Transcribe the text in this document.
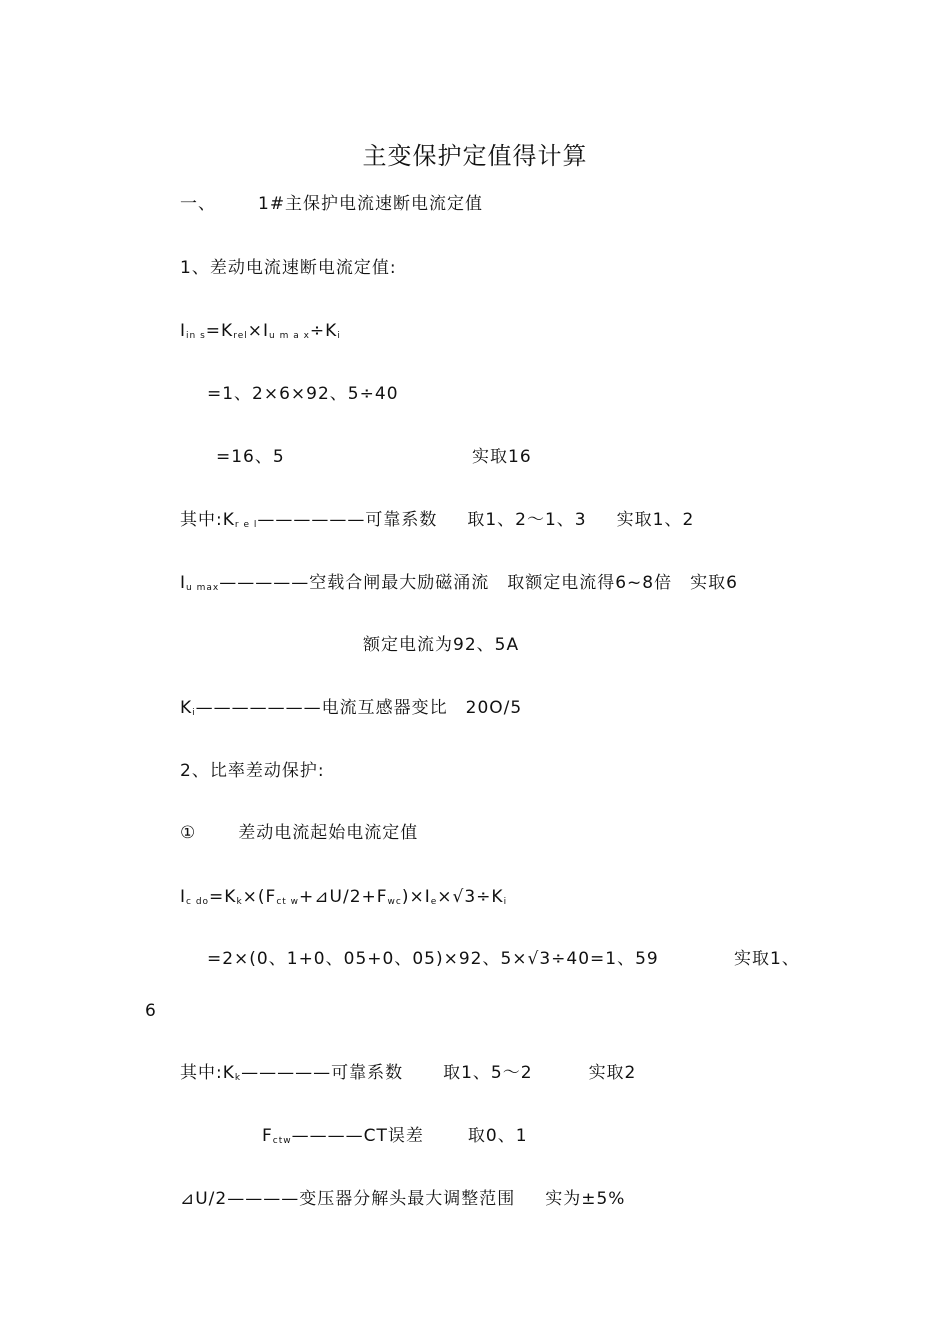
主变保护定值得计算
一、 1#主保护电流速断电流定值
1、差动电流速断电流定值:
$I_{in s}=K_{rel}\times I_{u m a x}\div K_i$
=1、2×6×92、5÷40
=16、5	实取16
其中$:K_{r e l}——————$可靠系数 取1、2～1、3 实取1、2
$I_{u max}—————$空载合闸最大励磁涌流 取额定电流得6~8倍 实取6
额定电流为92、5A
$K_i———————$电流互感器变比 20O/5
2、比率差动保护:
① 差动电流起始电流定值
$I_{c do}=K_k\times(F_{ct w}+⊿U/2+F_{wc})\times I_e\times√3\div K_i$
=2×(0、1+0、05+0、05)×92、5×√3÷40=1、59	实取1、
6
其中$:K_k—————$可靠系数 取1、5～2	实取2
$F_{ctw}————CT$误差	取0、1
⊿U/2————变压器分解头最大调整范围 实为±5%
